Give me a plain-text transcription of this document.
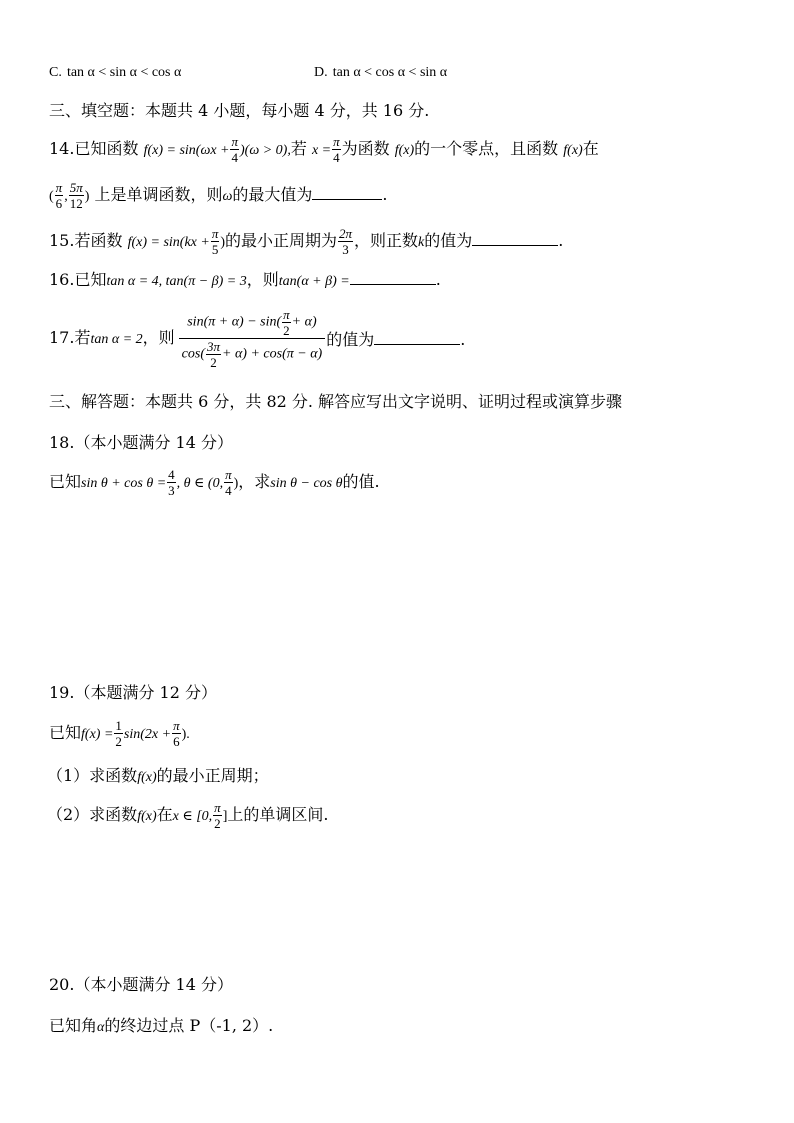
C. tan α < sin α < cos α	D. tan α < cos α < sin α
三、填空题：本题共 4 小题，每小题 4 分，共 16 分.
14.已知函数 $f(x) = \sin(\omega x + \frac{\pi}{4} )(\omega > 0)$,若 $x = \frac{\pi}{4}$ 为函数 f(x)的一个零点，且函数 f(x)在
( $\frac{\pi}{6}$ , $\frac{5\pi}{12}$ ) 上是单调函数，则ω的最大值为	.
15.若函数 $f(x) = \sin(kx + \frac{\pi}{5}$ )的最小正周期为 $\frac{2\pi}{3}$ ，则正数k的值为	.
16.已知tan α = 4, tan(π − β) = 3，则tan(α + β) =	.
17.若tan α = 2，则 $\frac{\sin(\pi + \alpha) - \sin( \frac{\pi}{2} + \alpha)}{\cos( \frac{3\pi}{2} + \alpha) + \cos(\pi - \alpha)}$ 的值为	.
三、解答题：本题共 6 分，共 82 分. 解答应写出文字说明、证明过程或演算步骤
18.（本小题满分 14 分）
已知$\sin \theta + \cos \theta = \frac{4}{3}$ , θ ∈ (0, $\frac{\pi}{4}$ )，求sin θ − cos θ的值.
19.（本题满分 12 分）
已知$f(x) = \frac{1}{2} \sin(2x + \frac{\pi}{6}$ ).
（1）求函数f(x)的最小正周期；
（2）求函数f(x)在x ∈ [0, $\frac{\pi}{2}$ ]上的单调区间.
20.（本小题满分 14 分）
已知角α的终边过点 P（-1, 2）.
